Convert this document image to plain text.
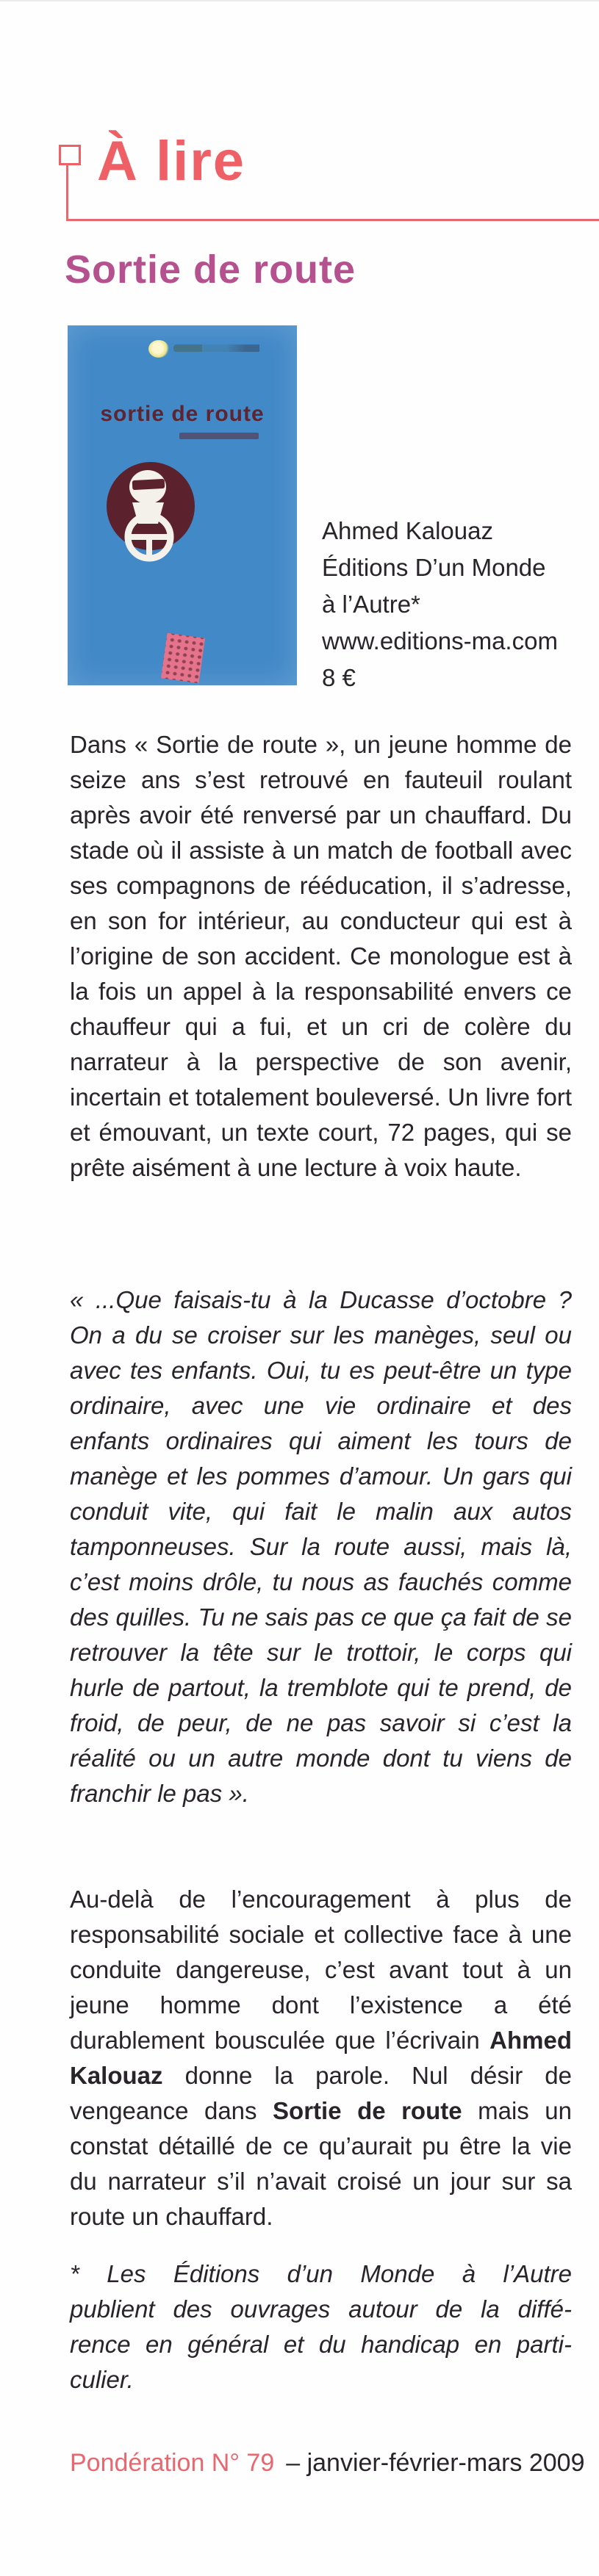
À lire
Sortie de route
sortie de route
Ahmed Kalouaz
Éditions D’un Monde
à l’Autre*
www.editions-ma.com
8 €

Dans « Sortie de route », un jeune homme de seize ans s’est retrouvé en fauteuil roulant après avoir été renversé par un chauffard. Du stade où il assiste à un match de football avec ses compagnons de rééducation, il s’adresse, en son for intérieur, au conducteur qui est à l’origine de son accident. Ce monologue est à la fois un appel à la responsabilité envers ce chauffeur qui a fui, et un cri de colère du narrateur à la perspective de son avenir, incertain et totalement bouleversé. Un livre fort et émouvant, un texte court, 72 pages, qui se prête aisément à une lecture à voix haute.

« ...Que faisais-tu à la Ducasse d’octobre ? On a du se croiser sur les manèges, seul ou avec tes enfants. Oui, tu es peut-être un type ordinaire, avec une vie ordinaire et des enfants ordinaires qui aiment les tours de manège et les pommes d’amour. Un gars qui conduit vite, qui fait le malin aux autos tamponneuses. Sur la route aussi, mais là, c’est moins drôle, tu nous as fauchés comme des quilles. Tu ne sais pas ce que ça fait de se retrouver la tête sur le trottoir, le corps qui hurle de partout, la tremblote qui te prend, de froid, de peur, de ne pas savoir si c’est la réalité ou un autre monde dont tu viens de franchir le pas ».

Au-delà de l’encouragement à plus de responsabilité sociale et collective face à une conduite dangereuse, c’est avant tout à un jeune homme dont l’existence a été durablement bousculée que l’écrivain Ahmed Kalouaz donne la parole. Nul désir de vengeance dans Sortie de route mais un constat détaillé de ce qu’aurait pu être la vie du narrateur s’il n’avait croisé un jour sur sa route un chauffard.

* Les Éditions d’un Monde à l’Autre
publient des ouvrages autour de la diffé-
rence en général et du handicap en parti-
culier.
Pondération N° 79 – janvier-février-mars 2009
